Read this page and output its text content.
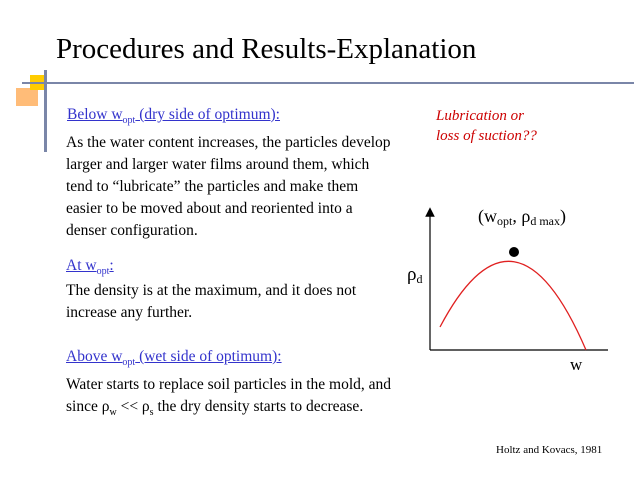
Procedures and Results-Explanation
Below $w_{opt}$ (dry side of optimum):
As the water content increases, the particles develop larger and larger water films around them, which tend to “lubricate” the particles and make them easier to be moved about and reoriented into a denser configuration.
At $w_{opt}$:
The density is at the maximum, and it does not increase any further.
Above $w_{opt}$ (wet side of optimum):
Water starts to replace soil particles in the mold, and since $\rho_w << \rho_s$ the dry density starts to decrease.
Lubrication or
loss of suction??
(wopt, ρd max)
ρd
w
Holtz and Kovacs, 1981
